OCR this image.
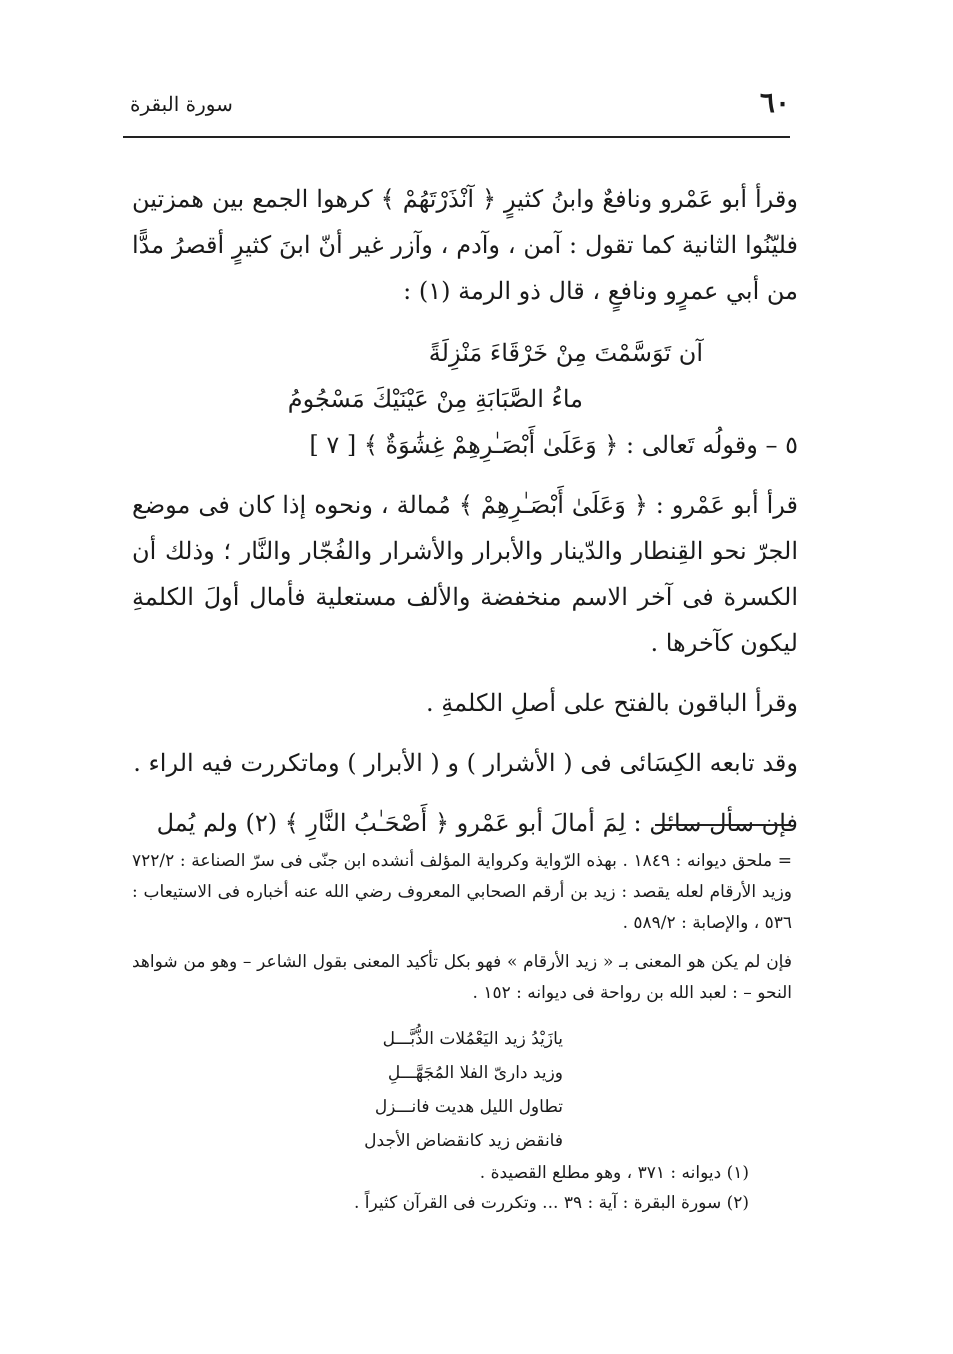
٦٠
سورة البقرة

وقرأ أبو عَمْرو ونافعٌ وابنُ كثيرٍ ﴿ آنْذَرْتَهُمْ ﴾ كرهوا الجمع بين همزتين فليّنُوا الثانية كما تقول : آمن ، وآدم ، وآزر غير أنّ ابنَ كثيرٍ أقصرُ مدًّا من أبي عمرٍو ونافعٍ ، قال ذو الرمة (١) :

آن تَوَسَّمْتَ مِنْ خَرْقَاءَ مَنْزِلَةً
ماءُ الصَّبَابَةِ مِنْ عَيْنَيْكَ مَسْجُومُ

٥ – وقولُه تَعالى : ﴿ وَعَلَىٰ أَبْصَـٰرِهِمْ غِشَٰوَةٌ ﴾ [ ٧ ]

قرأ أبو عَمْرو : ﴿ وَعَلَىٰ أَبْصَـٰرِهِمْ ﴾ مُمالة ، ونحوه إذا كان فى موضع الجرّ نحو القِنطار والدّينار والأبرار والأشرار والفُجّار والنَّار ؛ وذلك أن الكسرة فى آخر الاسم منخفضة والألف مستعلية فأمال أولَ الكلمةِ ليكون كآخرها .

وقرأ الباقون بالفتح على أصلِ الكلمةِ .

وقد تابعه الكِسَائى فى ( الأشرار ) و ( الأبرار ) وماتكررت فيه الراء .

فإن سأل سائل : لِمَ أمالَ أبو عَمْرو ﴿ أَصْحَـٰبُ النَّارِ ﴾ (٢) ولم يُمل

= ملحق ديوانه : ١٨٤٩ . بهذه الرّواية وكرواية المؤلف أنشده ابن جنّى فى سرّ الصناعة : ٧٢٢/٢ وزيد الأرقام لعله يقصد : زيد بن أرقم الصحابي المعروف رضي الله عنه أخباره فى الاستيعاب : ٥٣٦ ، والإصابة : ٥٨٩/٢ .

فإن لم يكن هو المعنى بـ « زيد الأرقام » فهو بكل تأكيد المعنى بقول الشاعر – وهو من شواهد النحو – : لعبد الله بن رواحة فى ديوانه : ١٥٢ .

يازَيْدُ زيد اليَعْمُلات الذُّبَّـــل
وزيد دارىّ الفلا المُجَهَّـــلِ
تطاول الليل هديت فانـــزل
فانقض زيد كانقضاض الأجدل
(١) ديوانه : ٣٧١ ، وهو مطلع القصيدة .
(٢) سورة البقرة : آية : ٣٩ ... وتكررت فى القرآن كثيراً .
